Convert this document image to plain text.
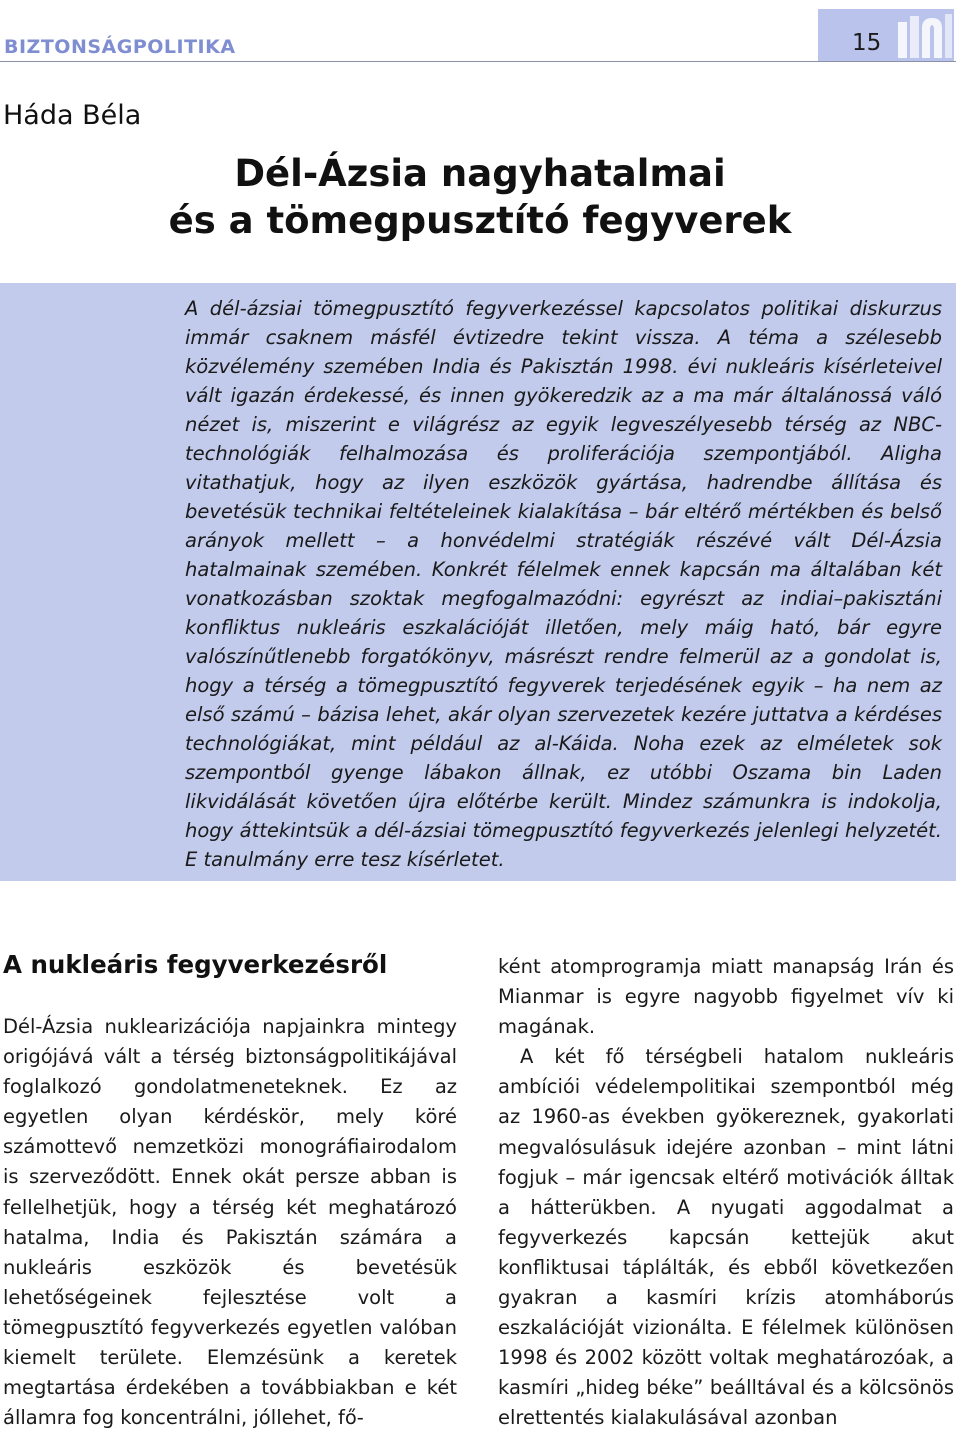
BIZTONSÁGPOLITIKA	15
Háda Béla
Dél-Ázsia nagyhatalmai
és a tömegpusztító fegyverek

A dél-ázsiai tömegpusztító fegyverkezéssel kapcsolatos politikai diskurzus immár csaknem másfél évtizedre tekint vissza. A téma a szélesebb közvélemény szemében India és Pakisztán 1998. évi nukleáris kísérleteivel vált igazán érdekessé, és innen gyökeredzik az a ma már általánossá váló nézet is, miszerint e világrész az egyik legveszélyesebb térség az NBC-technológiák felhalmozása és proliferációja szempontjából. Aligha vitathatjuk, hogy az ilyen eszközök gyártása, hadrendbe állítása és bevetésük technikai feltételeinek kialakítása – bár eltérő mértékben és belső arányok mellett – a honvédelmi stratégiák részévé vált Dél-Ázsia hatalmainak szemében. Konkrét félelmek ennek kapcsán ma általában két vonatkozásban szoktak megfogalmazódni: egyrészt az indiai–pakisztáni konfliktus nukleáris eszkalációját illetően, mely máig ható, bár egyre valószínűtlenebb forgatókönyv, másrészt rendre felmerül az a gondolat is, hogy a térség a tömegpusztító fegyverek terjedésének egyik – ha nem az első számú – bázisa lehet, akár olyan szervezetek kezére juttatva a kérdéses technológiákat, mint például az al-Káida. Noha ezek az elméletek sok szempontból gyenge lábakon állnak, ez utóbbi Oszama bin Laden likvidálását követően újra előtérbe került. Mindez számunkra is indokolja, hogy áttekintsük a dél-ázsiai tömegpusztító fegyverkezés jelenlegi helyzetét. E tanulmány erre tesz kísérletet.

A nukleáris fegyverkezésről

Dél-Ázsia nuklearizációja napjainkra mintegy origójává vált a térség biztonságpolitikájával foglalkozó gondolatmeneteknek. Ez az egyetlen olyan kérdéskör, mely köré számottevő nemzetközi monográfiairodalom is szerveződött. Ennek okát persze abban is fellelhetjük, hogy a térség két meghatározó hatalma, India és Pakisztán számára a nukleáris eszközök és bevetésük lehetőségeinek fejlesztése volt a tömegpusztító fegyverkezés egyetlen valóban kiemelt területe. Elemzésünk a keretek megtartása érdekében a továbbiakban e két államra fog koncentrálni, jóllehet, fő-

ként atomprogramja miatt manapság Irán és Mianmar is egyre nagyobb figyelmet vív ki magának.
A két fő térségbeli hatalom nukleáris ambíciói védelempolitikai szempontból még az 1960-as években gyökereznek, gyakorlati megvalósulásuk idejére azonban – mint látni fogjuk – már igencsak eltérő motivációk álltak a hátterükben. A nyugati aggodalmat a fegyverkezés kapcsán kettejük akut konfliktusai táplálták, és ebből következően gyakran a kasmíri krízis atomháborús eszkalációját vizionálta. E félelmek különösen 1998 és 2002 között voltak meghatározóak, a kasmíri „hideg béke” beálltával és a kölcsönös elrettentés kialakulásával azonban
